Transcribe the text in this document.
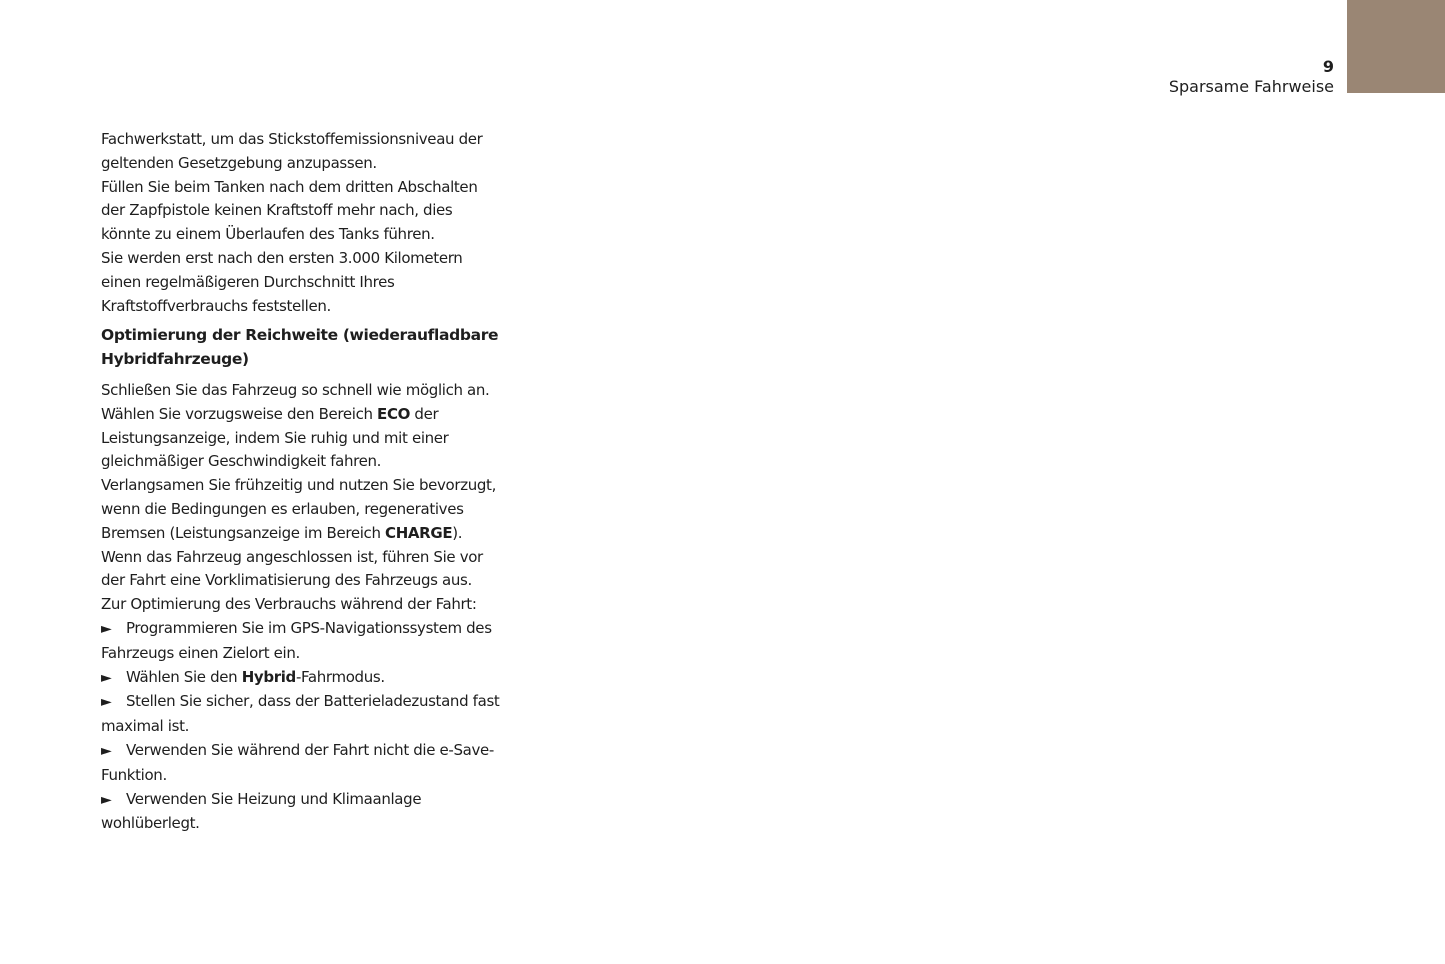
9
Sparsame Fahrweise

Fachwerkstatt, um das Stickstoffemissionsniveau der geltenden Gesetzgebung anzupassen.

Füllen Sie beim Tanken nach dem dritten Abschalten der Zapfpistole keinen Kraftstoff mehr nach, dies könnte zu einem Überlaufen des Tanks führen.

Sie werden erst nach den ersten 3.000 Kilometern einen regelmäßigeren Durchschnitt Ihres Kraftstoffverbrauchs feststellen.

Optimierung der Reichweite (wiederaufladbare Hybridfahrzeuge)

Schließen Sie das Fahrzeug so schnell wie möglich an.

Wählen Sie vorzugsweise den Bereich ECO der Leistungsanzeige, indem Sie ruhig und mit einer gleichmäßiger Geschwindigkeit fahren.

Verlangsamen Sie frühzeitig und nutzen Sie bevorzugt, wenn die Bedingungen es erlauben, regeneratives Bremsen (Leistungsanzeige im Bereich CHARGE).

Wenn das Fahrzeug angeschlossen ist, führen Sie vor der Fahrt eine Vorklimatisierung des Fahrzeugs aus.

Zur Optimierung des Verbrauchs während der Fahrt:

► Programmieren Sie im GPS-Navigationssystem des Fahrzeugs einen Zielort ein.

► Wählen Sie den Hybrid-Fahrmodus.

► Stellen Sie sicher, dass der Batterieladezustand fast maximal ist.

► Verwenden Sie während der Fahrt nicht die e-Save-Funktion.

► Verwenden Sie Heizung und Klimaanlage wohlüberlegt.
